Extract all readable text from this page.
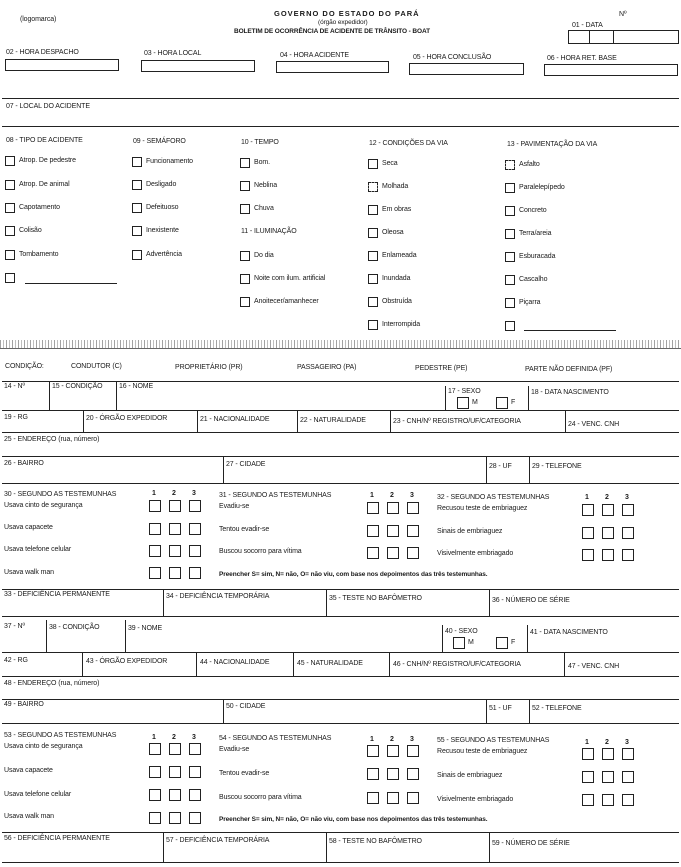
(logomarca)
GOVERNO DO ESTADO DO PARÁ
(órgão expedidor)
BOLETIM DE OCORRÊNCIA DE ACIDENTE DE TRÂNSITO - BOAT
Nº
01 - DATA
02 - HORA DESPACHO	03 - HORA LOCAL	04 - HORA ACIDENTE	05 - HORA CONCLUSÃO	06 - HORA RET. BASE
07 - LOCAL DO ACIDENTE
08 - TIPO DE ACIDENTE
Atrop. De pedestre
Atrop. De animal
Capotamento
Colisão
Tombamento
09 - SEMÁFORO
Funcionamento
Desligado
Defeituoso
Inexistente
Advertência
10 - TEMPO
Bom.
Neblina
Chuva
11 - ILUMINAÇÃO
Do dia
Noite com ilum. artificial
Anoitecer/amanhecer
12 - CONDIÇÕES DA VIA
Seca
Molhada
Em obras
Oleosa
Enlameada
Inundada
Obstruída
Interrompida
13 - PAVIMENTAÇÃO DA VIA
Asfalto
Paralelepípedo
Concreto
Terra/areia
Esburacada
Cascalho
Piçarra
CONDIÇÃO:	CONDUTOR (C)	PROPRIETÁRIO (PR)	PASSAGEIRO (PA)	PEDESTRE (PE)	PARTE NÃO DEFINIDA (PF)
14 - Nº	15 - CONDIÇÃO 16 - NOME
17 - SEXO
M	F
18 - DATA NASCIMENTO
19 - RG	20 - ÓRGÃO EXPEDIDOR	21 - NACIONALIDADE	22 - NATURALIDADE	23 - CNH/Nº REGISTRO/UF/CATEGORIA	24 - VENC. CNH
25 - ENDEREÇO (rua, número)
26 - BAIRRO	27 - CIDADE	28 - UF	29 - TELEFONE
30 - SEGUNDO AS TESTEMUNHAS
Usava cinto de segurança
Usava capacete
Usava telefone celular
Usava walk man
1 2 3	31 - SEGUNDO AS TESTEMUNHAS
Evadiu-se
Tentou evadir-se
Buscou socorro para vítima
1 2 3	32 - SEGUNDO AS TESTEMUNHAS
Recusou teste de embriaguez
Sinais de embriaguez
Visivelmente embriagado
1 2 3
Preencher S= sim, N= não, O= não viu, com base nos depoimentos das três testemunhas.
33 - DEFICIÊNCIA PERMANENTE	34 - DEFICIÊNCIA TEMPORÁRIA	35 - TESTE NO BAFÔMETRO	36 - NÚMERO DE SÉRIE
37 - Nº	38 - CONDIÇÃO	39 - NOME	40 - SEXO
M	F
41 - DATA NASCIMENTO
42 - RG	43 - ÓRGÃO EXPEDIDOR	44 - NACIONALIDADE	45 - NATURALIDADE	46 - CNH/Nº REGISTRO/UF/CATEGORIA	47 - VENC. CNH
48 - ENDEREÇO (rua, número)
49 - BAIRRO	50 - CIDADE	51 - UF	52 - TELEFONE
53 - SEGUNDO AS TESTEMUNHAS
Usava cinto de segurança
Usava capacete
Usava telefone celular
Usava walk man
1 2 3	54 - SEGUNDO AS TESTEMUNHAS
Evadiu-se
Tentou evadir-se
Buscou socorro para vítima
1 2 3	55 - SEGUNDO AS TESTEMUNHAS
Recusou teste de embriaguez
Sinais de embriaguez
Visivelmente embriagado
1 2 3
Preencher S= sim, N= não, O= não viu, com base nos depoimentos das três testemunhas.
56 - DEFICIÊNCIA PERMANENTE	57 - DEFICIÊNCIA TEMPORÁRIA	58 - TESTE NO BAFÔMETRO	59 - NÚMERO DE SÉRIE
